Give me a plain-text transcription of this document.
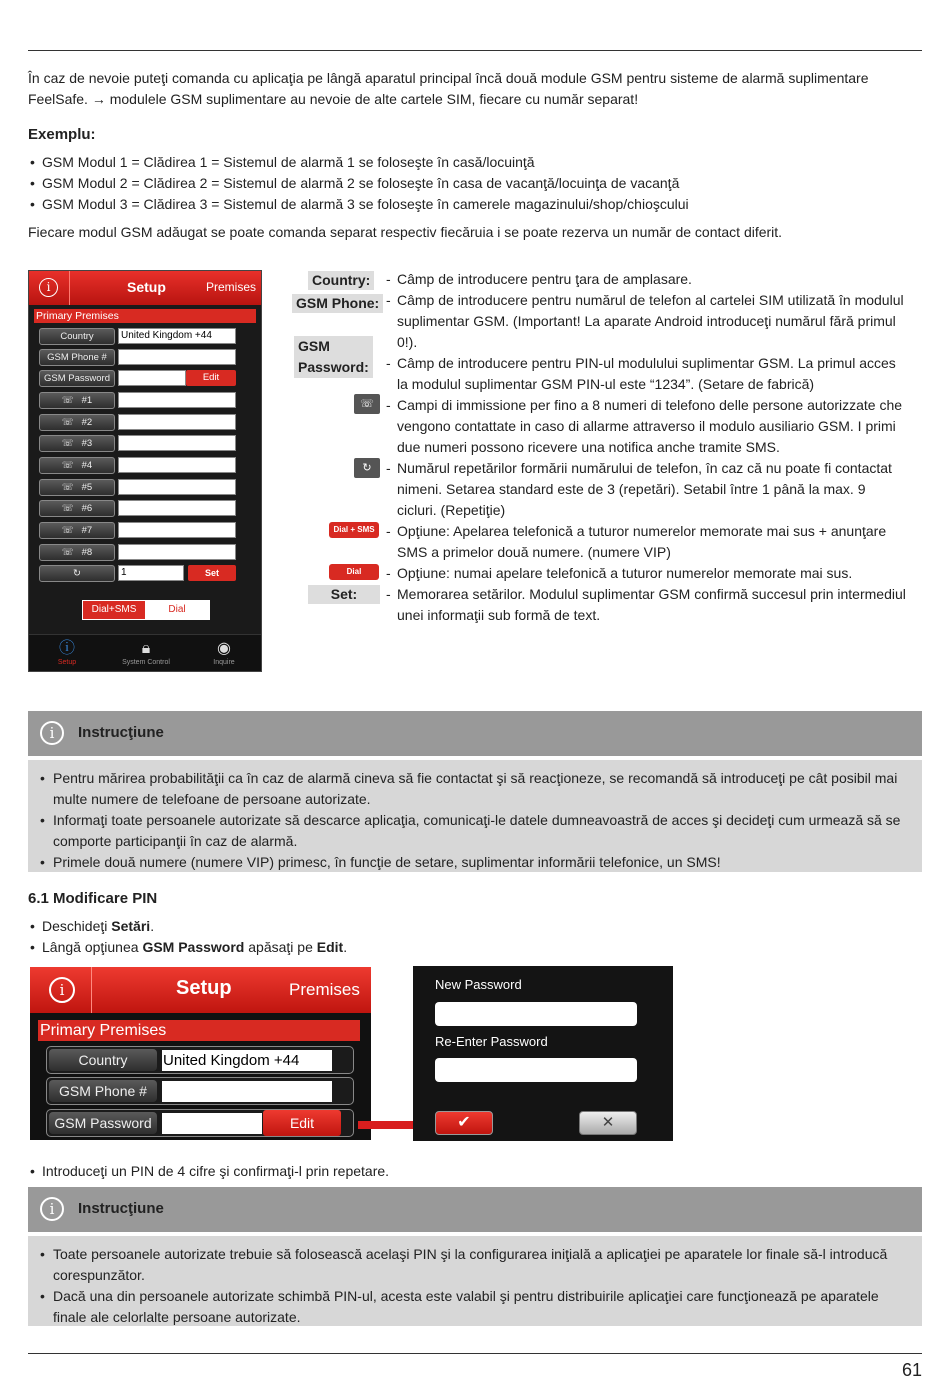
În caz de nevoie puteţi comanda cu aplicaţia pe lângă aparatul principal încă două module GSM pentru sisteme de alarmă suplimentare FeelSafe. → modulele GSM suplimentare au nevoie de alte cartele SIM, fiecare cu număr separat!
Exemplu:
• GSM Modul 1 = Clădirea 1 = Sistemul de alarmă 1 se foloseşte în casă/locuinţă
• GSM Modul 2 = Clădirea 2 = Sistemul de alarmă 2 se foloseşte în casa de vacanţă/locuinţa de vacanţă
• GSM Modul 3 = Clădirea 3 = Sistemul de alarmă 3 se foloseşte în camerele magazinului/shop/chioşcului
Fiecare modul GSM adăugat se poate comanda separat respectiv fiecăruia i se poate rezerva un număr de contact diferit.
i	Setup	Premises
Primary Premises
Country	United Kingdom +44
GSM Phone #
GSM Password	Edit
☏ #1
☏ #2
☏ #3
☏ #4
☏ #5
☏ #6
☏ #7
☏ #8
↻	1	Set
Dial+SMS	Dial
ⓘ
Setup
🔒︎
System Control
◉
Inquire
Country: - Câmp de introducere pentru ţara de amplasare.
GSM Phone: - Câmp de introducere pentru numărul de telefon al cartelei SIM utilizată în modulul suplimentar GSM. (Important! La aparate Android introduceţi numărul fără primul 0!).
GSM
Password: - Câmp de introducere pentru PIN-ul modulului suplimentar GSM. La primul acces la modulul suplimentar GSM PIN-ul este “1234”. (Setare de fabrică)
☏ - Campi di immissione per fino a 8 numeri di telefono delle persone autorizzate che vengono contattate in caso di allarme attraverso il modulo ausiliario GSM. I primi due numeri possono ricevere una notifica anche tramite SMS.
↻	- Numărul repetărilor formării numărului de telefon, în caz că nu poate fi contactat nimeni. Setarea standard este de 3 (repetări). Setabil între 1 până la max. 9 cicluri. (Repetiţie)
Dial + SMS - Opţiune: Apelarea telefonică a tuturor numerelor memorate mai sus + anunţare SMS a primelor două numere. (numere VIP)
Dial	- Opţiune: numai apelare telefonică a tuturor numerelor memorate mai sus.
Set:	- Memorarea setărilor. Modulul suplimentar GSM confirmă succesul prin intermediul unei informaţii sub formă de text.
i	Instrucţiune
• Pentru mărirea probabilităţii ca în caz de alarmă cineva să fie contactat şi să reacţioneze, se recomandă să introduceţi pe cât posibil mai multe numere de telefoane de persoane autorizate.
• Informaţi toate persoanele autorizate să descarce aplicaţia, comunicaţi-le datele dumneavoastră de acces şi decideţi cum urmează să se comporte participanţii în caz de alarmă.
• Primele două numere (numere VIP) primesc, în funcţie de setare, suplimentar informării telefonice, un SMS!
6.1 Modificare PIN
• Deschideţi Setări.
• Lângă opţiunea GSM Password apăsaţi pe Edit.
i	Setup	Premises
Primary Premises
Country	United Kingdom +44
GSM Phone #
GSM Password	Edit
New Password
Re-Enter Password
✔	✕
• Introduceţi un PIN de 4 cifre şi confirmaţi-l prin repetare.
i	Instrucţiune
• Toate persoanele autorizate trebuie să folosească acelaşi PIN şi la configurarea iniţială a aplicaţiei pe aparatele lor finale să-l introducă corespunzător.
• Dacă una din persoanele autorizate schimbă PIN-ul, acesta este valabil şi pentru distribuirile aplicaţiei care funcţionează pe aparatele finale ale celorlalte persoane autorizate.
61
